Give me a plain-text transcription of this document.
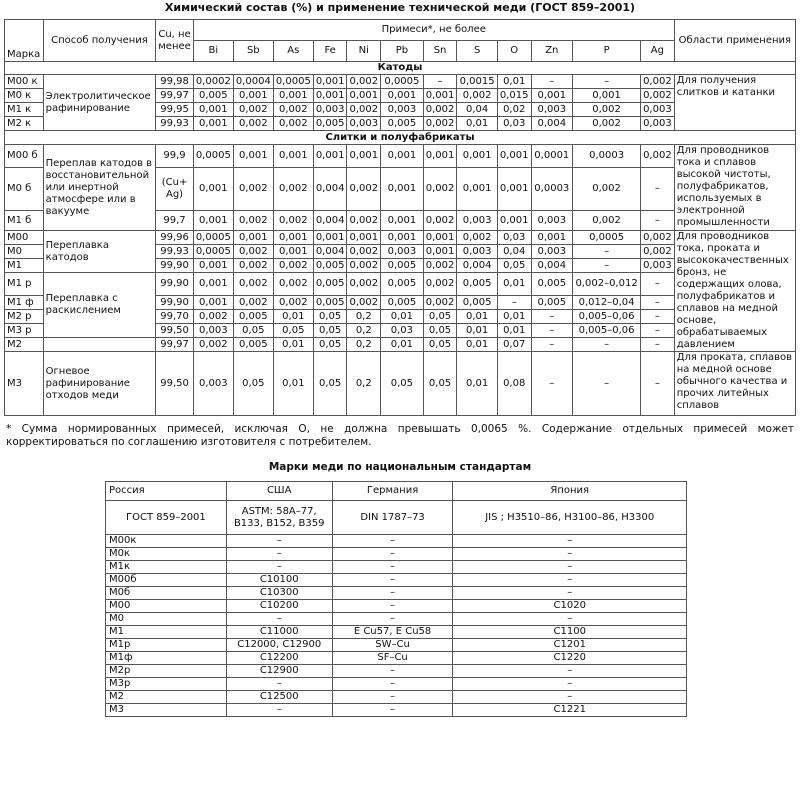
Химический состав (%) и применение технической меди (ГОСТ 859–2001)
Марка	Способ получения	Cu, не менее	Примеси*, не более												Области применения
			Bi	Sb	As	Fe	Ni	Pb	Sn	S	O	Zn	P	Ag	
Катоды															
М00 к	Электролитическое рафинирование	99,98	0,0002	0,0004	0,0005	0,001	0,002	0,0005	–	0,0015	0,01	–	–	0,002	Для получения слитков и катанки
М0 к		99,97	0,005	0,001	0,001	0,001	0,001	0,001	0,001	0,002	0,015	0,001	0,001	0,002	
М1 к		99,95	0,001	0,002	0,002	0,003	0,002	0,003	0,002	0,04	0,02	0,003	0,002	0,003	
М2 к		99,93	0,001	0,002	0,002	0,005	0,003	0,005	0,002	0,01	0,03	0,004	0,002	0,003	
Слитки и полуфабрикаты															
М00 б	Переплав катодов в восстановительной или инертной атмосфере или в вакууме	99,9	0,0005	0,001	0,001	0,001	0,001	0,001	0,001	0,001	0,001	0,0001	0,0003	0,002	Для проводников тока и сплавов высокой чистоты, полуфабрикатов, используемых в электронной промышленности
М0 б		(Cu+ Ag)	0,001	0,002	0,002	0,004	0,002	0,001	0,002	0,001	0,001	0,0003	0,002	–	
М1 б		99,7	0,001	0,002	0,002	0,004	0,002	0,001	0,002	0,003	0,001	0,003	0,002	–	
М00	Переплавка катодов	99,96	0,0005	0,001	0,001	0,001	0,001	0,001	0,001	0,002	0,03	0,001	0,0005	0,002	Для проводников тока, проката и высококачественных бронз, не содержащих олова, полуфабрикатов и сплавов на медной основе, обрабатываемых давлением
М0		99,93	0,0005	0,002	0,001	0,004	0,002	0,003	0,001	0,003	0,04	0,003	–	0,002	
М1		99,90	0,001	0,002	0,002	0,005	0,002	0,005	0,002	0,004	0,05	0,004	–	0,003	
М1 р	Переплавка с раскислением	99,90	0,001	0,002	0,002	0,005	0,002	0,005	0,002	0,005	0,01	0,005	0,002–0,012	–	
М1 ф		99,90	0,001	0,002	0,002	0,005	0,002	0,005	0,002	0,005	–	0,005	0,012–0,04	–	
М2 р		99,70	0,002	0,005	0,01	0,05	0,2	0,01	0,05	0,01	0,01	–	0,005–0,06	–	
М3 р		99,50	0,003	0,05	0,05	0,05	0,2	0,03	0,05	0,01	0,01	–	0,005–0,06	–	
М2		99,97	0,002	0,005	0,01	0,05	0,2	0,01	0,05	0,01	0,07	–	–	–	
М3	Огневое рафинирование отходов меди	99,50	0,003	0,05	0,01	0,05	0,2	0,05	0,05	0,01	0,08	–	–	–	Для проката, сплавов на медной основе обычного качества и прочих литейных сплавов
* Сумма нормированных примесей, исключая О, не должна превышать 0,0065 %. Содержание отдельных примесей может корректироваться по соглашению изготовителя с потребителем.
Марки меди по национальным стандартам
Россия	США	Германия	Япония
ГОСТ 859–2001	ASTM: 58A–77, B133, B152, B359	DIN 1787–73	JIS ; H3510–86, H3100–86, H3300
М00к	–	–	–
М0к	–	–	–
М1к	–	–	–
М00б	C10100	–	–
М0б	C10300	–	–
М00	C10200	–	C1020
М0	–	–	–
М1	C11000	E Cu57, E Cu58	C1100
М1р	C12000, C12900	SW–Cu	C1201
М1ф	C12200	SF–Cu	C1220
М2р	C12900	–	–
М3р	–	–	–
М2	C12500	–	–
М3	–	–	C1221
